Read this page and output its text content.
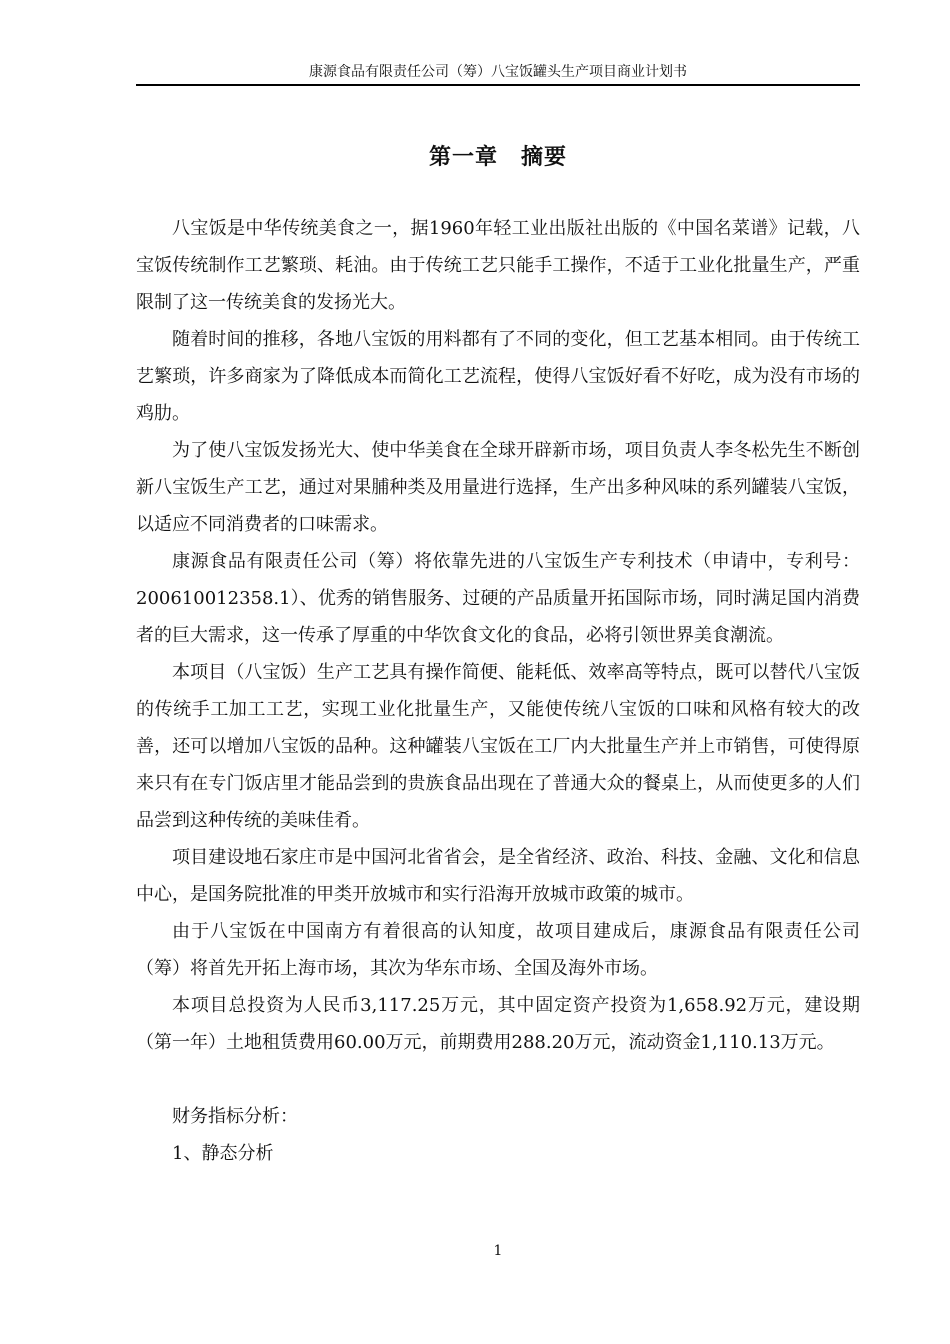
康源食品有限责任公司（筹）八宝饭罐头生产项目商业计划书
第一章　摘要

八宝饭是中华传统美食之一，据1960年轻工业出版社出版的《中国名菜谱》记载，八宝饭传统制作工艺繁琐、耗油。由于传统工艺只能手工操作，不适于工业化批量生产，严重限制了这一传统美食的发扬光大。

随着时间的推移，各地八宝饭的用料都有了不同的变化，但工艺基本相同。由于传统工艺繁琐，许多商家为了降低成本而简化工艺流程，使得八宝饭好看不好吃，成为没有市场的鸡肋。

为了使八宝饭发扬光大、使中华美食在全球开辟新市场，项目负责人李冬松先生不断创新八宝饭生产工艺，通过对果脯种类及用量进行选择，生产出多种风味的系列罐装八宝饭，以适应不同消费者的口味需求。

康源食品有限责任公司（筹）将依靠先进的八宝饭生产专利技术（申请中，专利号：200610012358.1）、优秀的销售服务、过硬的产品质量开拓国际市场，同时满足国内消费者的巨大需求，这一传承了厚重的中华饮食文化的食品，必将引领世界美食潮流。

本项目（八宝饭）生产工艺具有操作简便、能耗低、效率高等特点，既可以替代八宝饭的传统手工加工工艺，实现工业化批量生产，又能使传统八宝饭的口味和风格有较大的改善，还可以增加八宝饭的品种。这种罐装八宝饭在工厂内大批量生产并上市销售，可使得原来只有在专门饭店里才能品尝到的贵族食品出现在了普通大众的餐桌上，从而使更多的人们品尝到这种传统的美味佳肴。

项目建设地石家庄市是中国河北省省会，是全省经济、政治、科技、金融、文化和信息中心，是国务院批准的甲类开放城市和实行沿海开放城市政策的城市。

由于八宝饭在中国南方有着很高的认知度，故项目建成后，康源食品有限责任公司（筹）将首先开拓上海市场，其次为华东市场、全国及海外市场。

本项目总投资为人民币3,117.25万元，其中固定资产投资为1,658.92万元，建设期（第一年）土地租赁费用60.00万元，前期费用288.20万元，流动资金1,110.13万元。

财务指标分析：

1、静态分析

1
